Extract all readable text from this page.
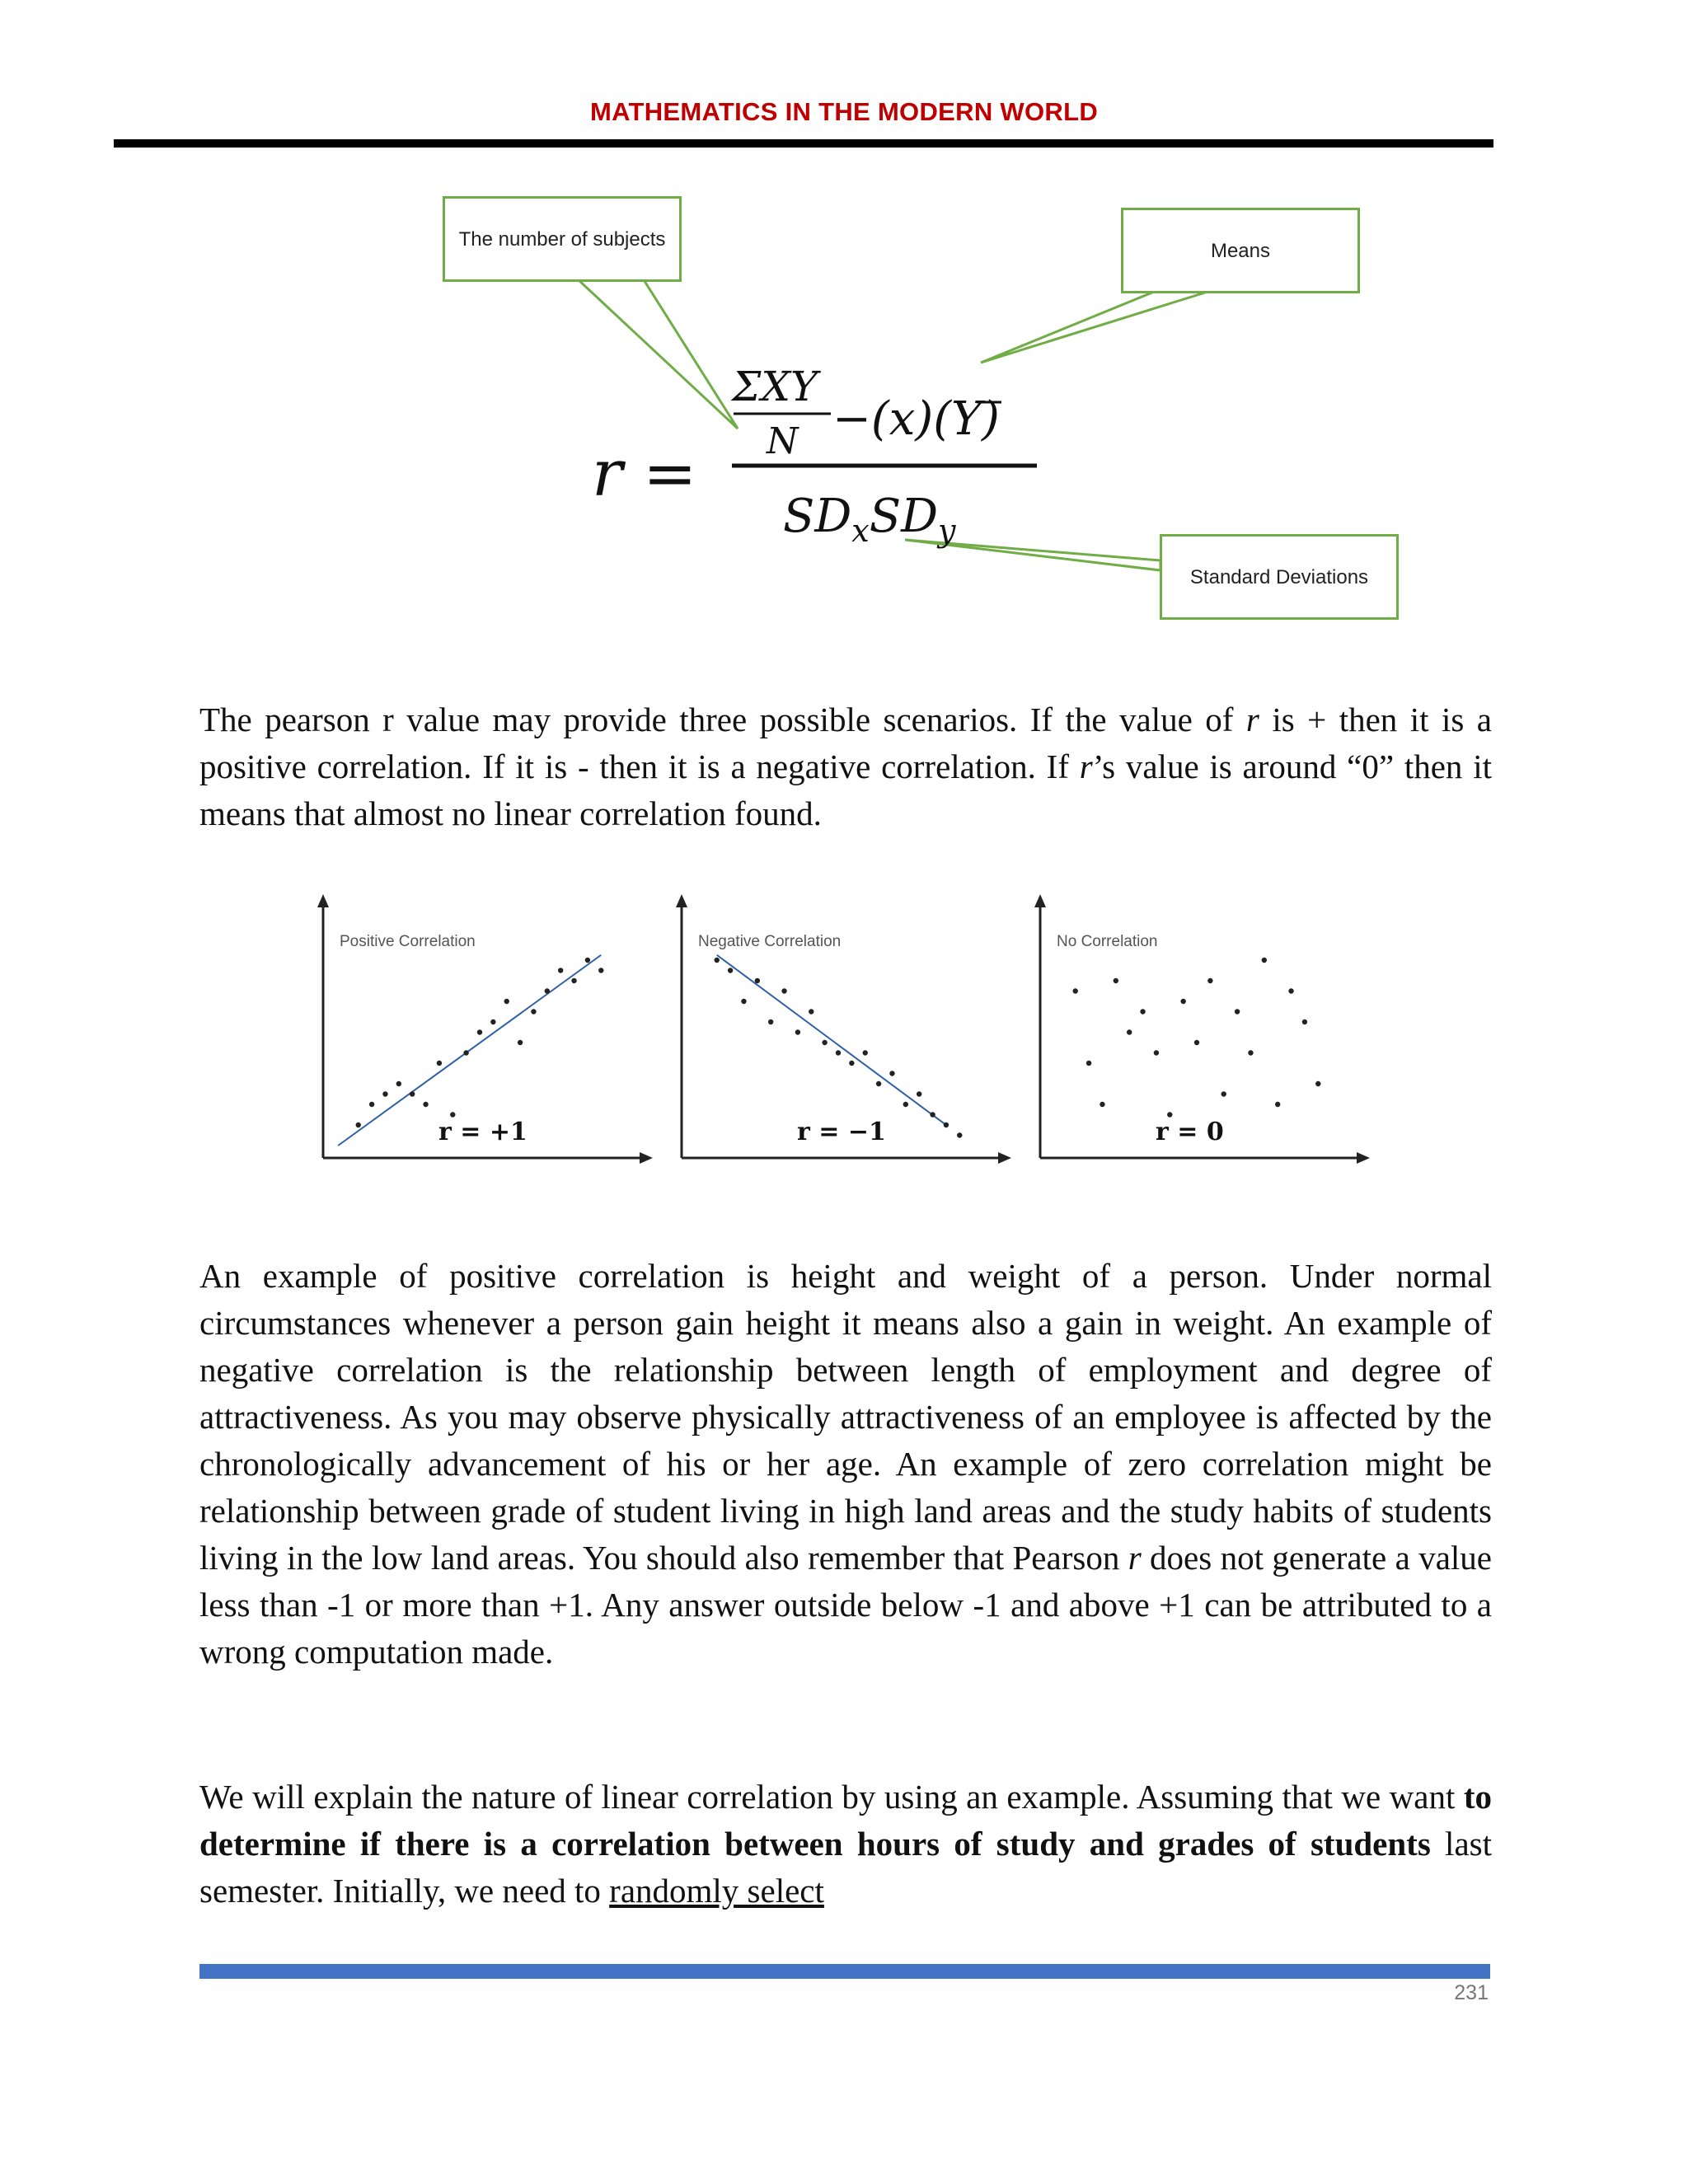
MATHEMATICS IN THE MODERN WORLD
r =
ΣXY
N −(x)(Y)
$SD_xSD_y$
The number of subjects
Means
Standard Deviations
The pearson r value may provide three possible scenarios. If the value of r is + then it is a positive correlation. If it is - then it is a negative correlation. If r’s value is around “0” then it means that almost no linear correlation found.
Positive Correlation
r = +1
Negative Correlation
r = −1
No Correlation
r = 0
An example of positive correlation is height and weight of a person. Under normal circumstances whenever a person gain height it means also a gain in weight. An example of negative correlation is the relationship between length of employment and degree of attractiveness. As you may observe physically attractiveness of an employee is affected by the chronologically advancement of his or her age. An example of zero correlation might be relationship between grade of student living in high land areas and the study habits of students living in the low land areas. You should also remember that Pearson r does not generate a value less than -1 or more than +1. Any answer outside below -1 and above +1 can be attributed to a wrong computation made.
We will explain the nature of linear correlation by using an example. Assuming that we want to determine if there is a correlation between hours of study and grades of students last semester. Initially, we need to randomly select
231
